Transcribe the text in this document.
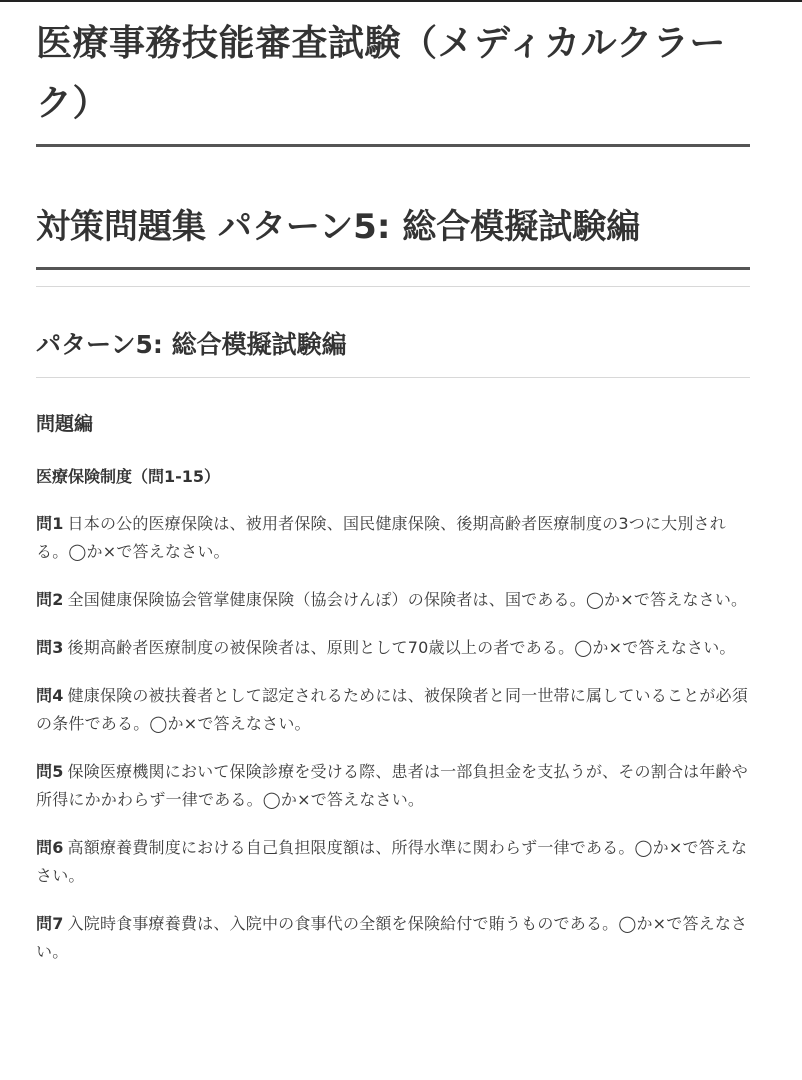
医療事務技能審査試験（メディカルクラーク）
対策問題集 パターン5: 総合模擬試験編
パターン5: 総合模擬試験編

問題編

医療保険制度（問1-15）

問1 日本の公的医療保険は、被用者保険、国民健康保険、後期高齢者医療制度の3つに大別される。◯か×で答えなさい。

問2 全国健康保険協会管掌健康保険（協会けんぽ）の保険者は、国である。◯か×で答えなさい。

問3 後期高齢者医療制度の被保険者は、原則として70歳以上の者である。◯か×で答えなさい。

問4 健康保険の被扶養者として認定されるためには、被保険者と同一世帯に属していることが必須の条件である。◯か×で答えなさい。

問5 保険医療機関において保険診療を受ける際、患者は一部負担金を支払うが、その割合は年齢や所得にかかわらず一律である。◯か×で答えなさい。

問6 高額療養費制度における自己負担限度額は、所得水準に関わらず一律である。◯か×で答えなさい。

問7 入院時食事療養費は、入院中の食事代の全額を保険給付で賄うものである。◯か×で答えなさい。
